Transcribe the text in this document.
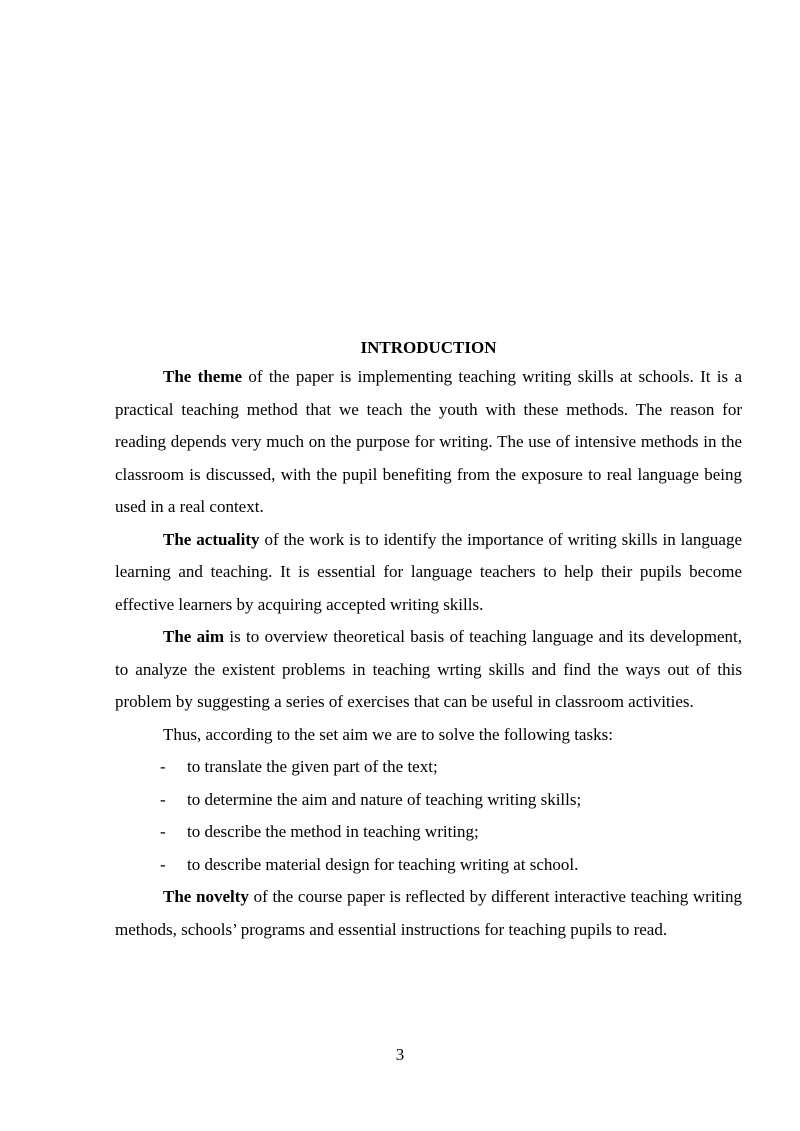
INTRODUCTION

The theme of the paper is implementing teaching writing skills at schools. It is a practical teaching method that we teach the youth with these methods. The reason for reading depends very much on the purpose for writing. The use of intensive methods in the classroom is discussed, with the pupil benefiting from the exposure to real language being used in a real context.

The actuality of the work is to identify the importance of writing skills in language learning and teaching. It is essential for language teachers to help their pupils become effective learners by acquiring accepted writing skills.

The aim is to overview theoretical basis of teaching language and its development, to analyze the existent problems in teaching wrting skills and find the ways out of this problem by suggesting a series of exercises that can be useful in classroom activities.

Thus, according to the set aim we are to solve the following tasks:

- to translate the given part of the text;
- to determine the aim and nature of teaching writing skills;
- to describe the method in teaching writing;
- to describe material design for teaching writing at school.

The novelty of the course paper is reflected by different interactive teaching writing methods, schools’ programs and essential instructions for teaching pupils to read.

3
